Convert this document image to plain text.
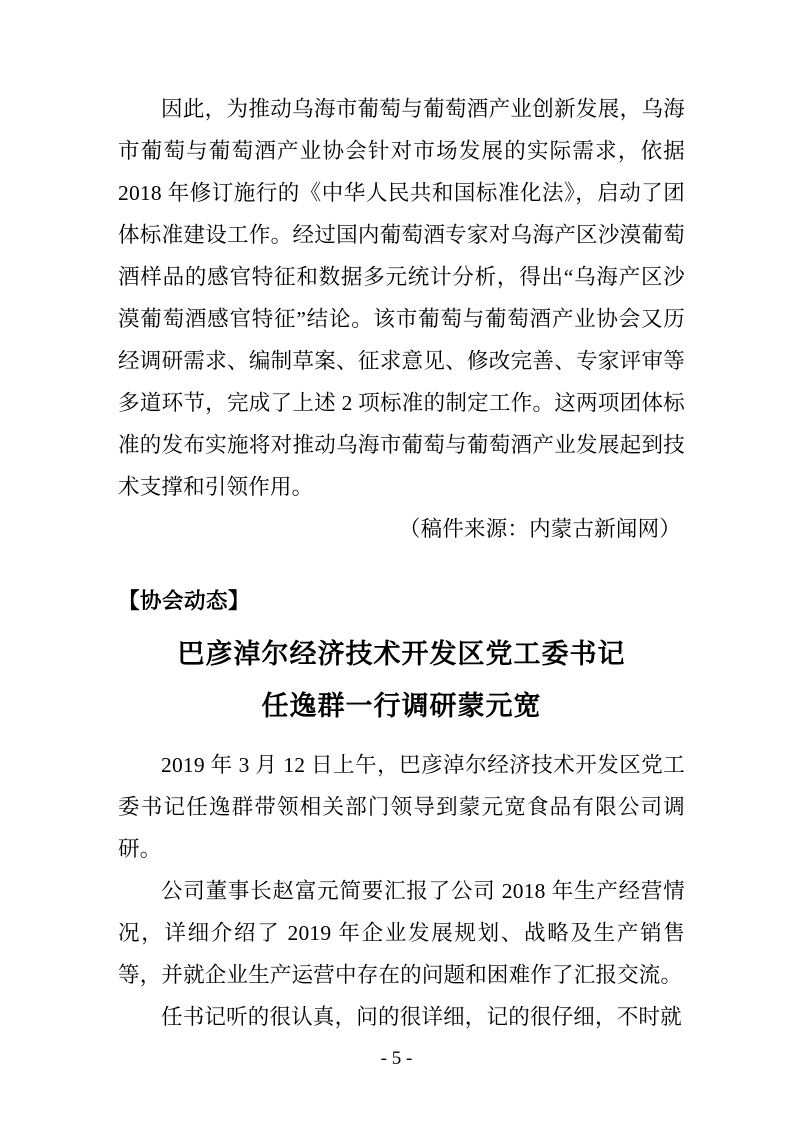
因此，为推动乌海市葡萄与葡萄酒产业创新发展，乌海市葡萄与葡萄酒产业协会针对市场发展的实际需求，依据 2018 年修订施行的《中华人民共和国标准化法》，启动了团体标准建设工作。经过国内葡萄酒专家对乌海产区沙漠葡萄酒样品的感官特征和数据多元统计分析，得出“乌海产区沙漠葡萄酒感官特征”结论。该市葡萄与葡萄酒产业协会又历经调研需求、编制草案、征求意见、修改完善、专家评审等多道环节，完成了上述 2 项标准的制定工作。这两项团体标准的发布实施将对推动乌海市葡萄与葡萄酒产业发展起到技术支撑和引领作用。

（稿件来源：内蒙古新闻网）
【协会动态】
巴彦淖尔经济技术开发区党工委书记
任逸群一行调研蒙元宽

2019 年 3 月 12 日上午，巴彦淖尔经济技术开发区党工委书记任逸群带领相关部门领导到蒙元宽食品有限公司调研。

公司董事长赵富元简要汇报了公司 2018 年生产经营情况，详细介绍了 2019 年企业发展规划、战略及生产销售等，并就企业生产运营中存在的问题和困难作了汇报交流。

任书记听的很认真，问的很详细，记的很仔细，不时就

- 5 -
